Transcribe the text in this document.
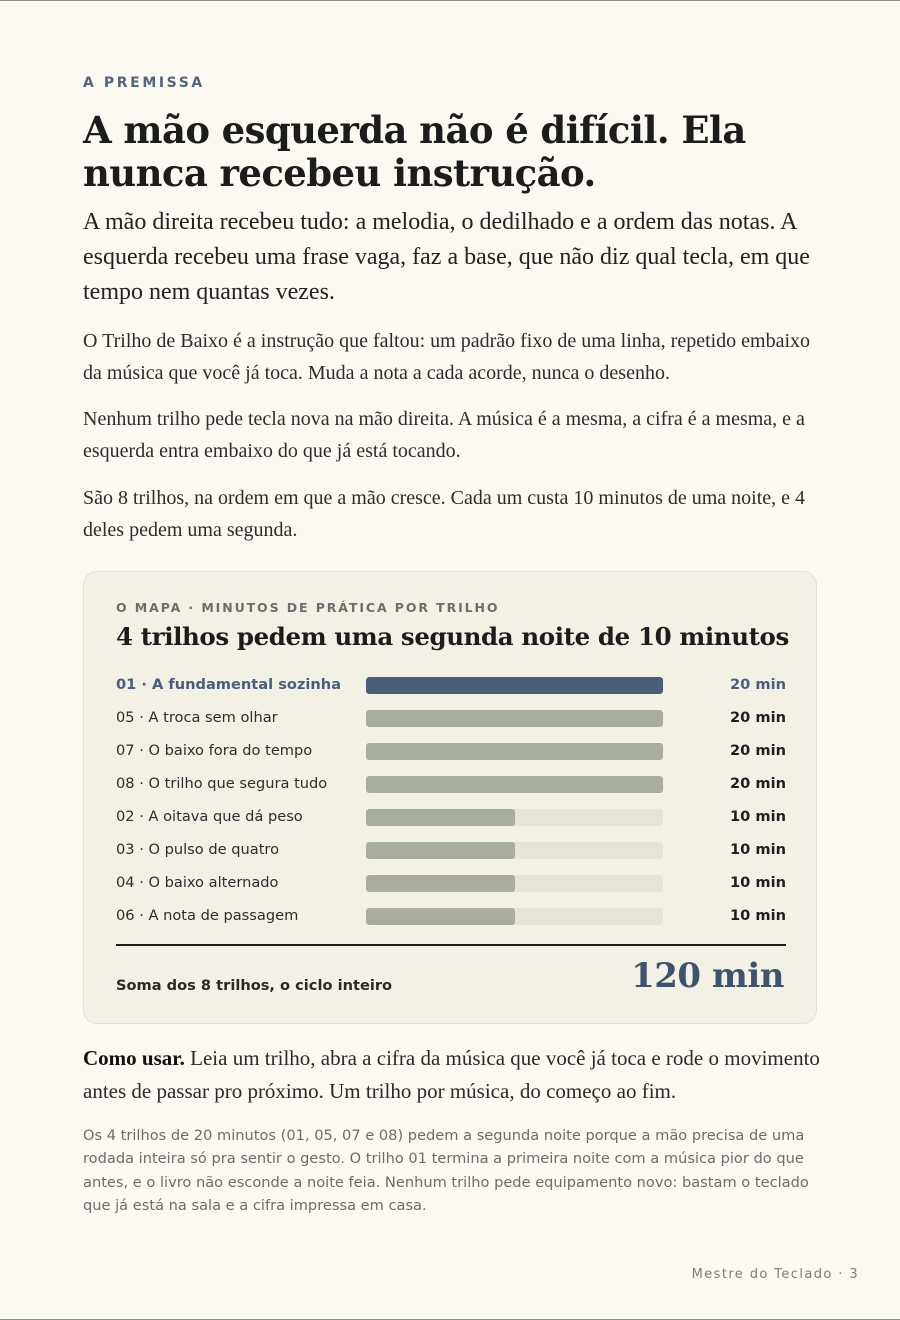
A PREMISSA
A mão esquerda não é difícil. Ela nunca recebeu instrução.

A mão direita recebeu tudo: a melodia, o dedilhado e a ordem das notas. A esquerda recebeu uma frase vaga, faz a base, que não diz qual tecla, em que tempo nem quantas vezes.

O Trilho de Baixo é a instrução que faltou: um padrão fixo de uma linha, repetido embaixo da música que você já toca. Muda a nota a cada acorde, nunca o desenho.

Nenhum trilho pede tecla nova na mão direita. A música é a mesma, a cifra é a mesma, e a esquerda entra embaixo do que já está tocando.

São 8 trilhos, na ordem em que a mão cresce. Cada um custa 10 minutos de uma noite, e 4 deles pedem uma segunda.

O MAPA · MINUTOS DE PRÁTICA POR TRILHO
4 trilhos pedem uma segunda noite de 10 minutos
01 · A fundamental sozinha	20 min
05 · A troca sem olhar	20 min
07 · O baixo fora do tempo	20 min
08 · O trilho que segura tudo	20 min
02 · A oitava que dá peso	10 min
03 · O pulso de quatro	10 min
04 · O baixo alternado	10 min
06 · A nota de passagem	10 min
Soma dos 8 trilhos, o ciclo inteiro	120 min

Como usar. Leia um trilho, abra a cifra da música que você já toca e rode o movimento antes de passar pro próximo. Um trilho por música, do começo ao fim.

Os 4 trilhos de 20 minutos (01, 05, 07 e 08) pedem a segunda noite porque a mão precisa de uma rodada inteira só pra sentir o gesto. O trilho 01 termina a primeira noite com a música pior do que antes, e o livro não esconde a noite feia. Nenhum trilho pede equipamento novo: bastam o teclado que já está na sala e a cifra impressa em casa.

Mestre do Teclado · 3
